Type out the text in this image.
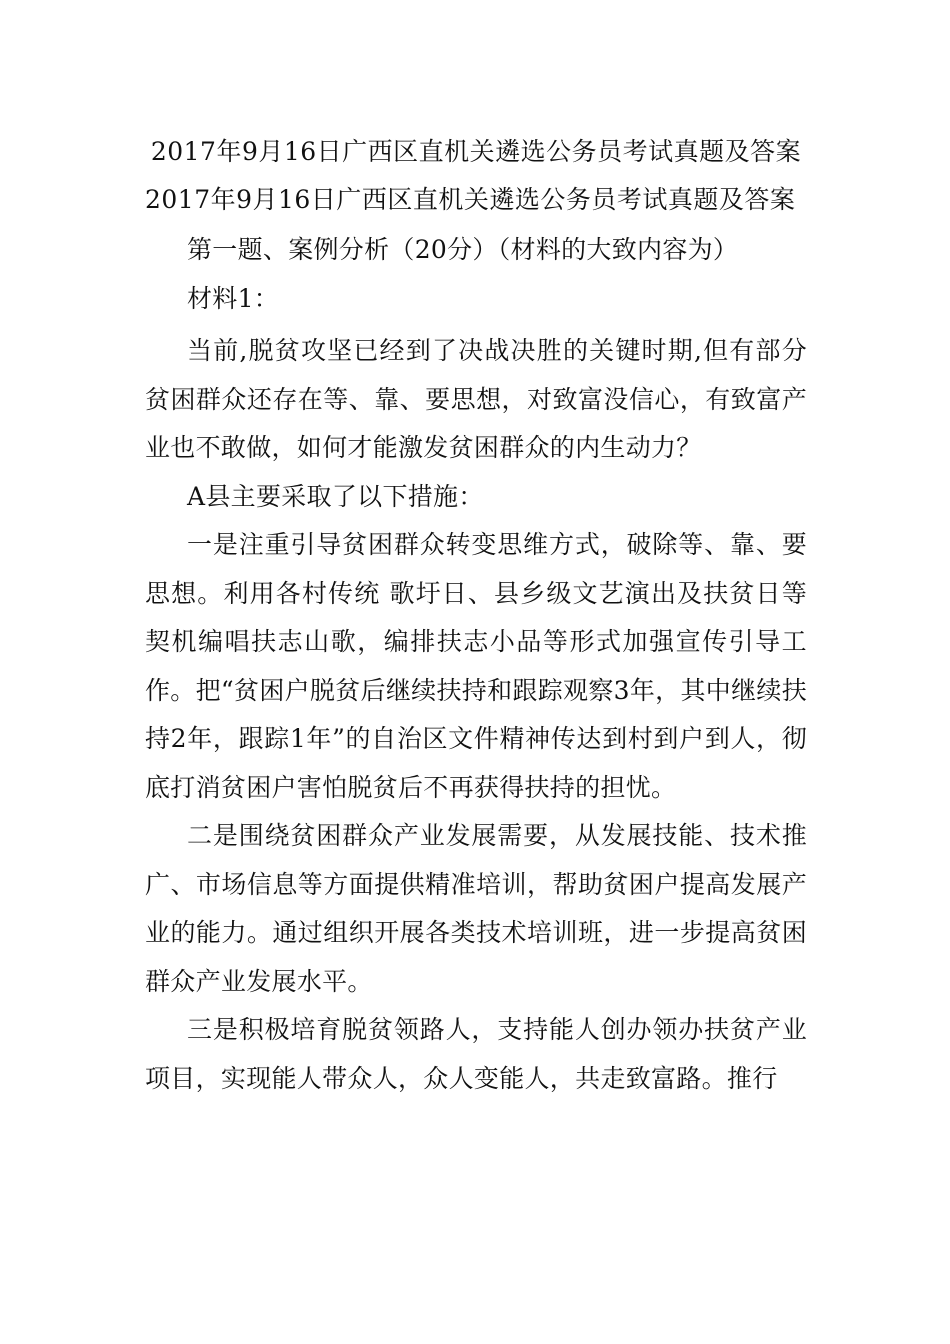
2017年9月16日广西区直机关遴选公务员考试真题及答案

2017年9月16日广西区直机关遴选公务员考试真题及答案

第一题、案例分析（20分）（材料的大致内容为）

材料1：

当前,脱贫攻坚已经到了决战决胜的关键时期,但有部分贫困群众还存在等、靠、要思想，对致富没信心，有致富产业也不敢做，如何才能激发贫困群众的内生动力？

A县主要采取了以下措施：

一是注重引导贫困群众转变思维方式，破除等、靠、要思想。利用各村传统 歌圩日、县乡级文艺演出及扶贫日等契机编唱扶志山歌，编排扶志小品等形式加强宣传引导工作。把“贫困户脱贫后继续扶持和跟踪观察3年，其中继续扶持2年，跟踪1年”的自治区文件精神传达到村到户到人，彻底打消贫困户害怕脱贫后不再获得扶持的担忧。

二是围绕贫困群众产业发展需要，从发展技能、技术推广、市场信息等方面提供精准培训，帮助贫困户提高发展产业的能力。通过组织开展各类技术培训班，进一步提高贫困群众产业发展水平。

三是积极培育脱贫领路人，支持能人创办领办扶贫产业项目，实现能人带众人，众人变能人，共走致富路。推行
